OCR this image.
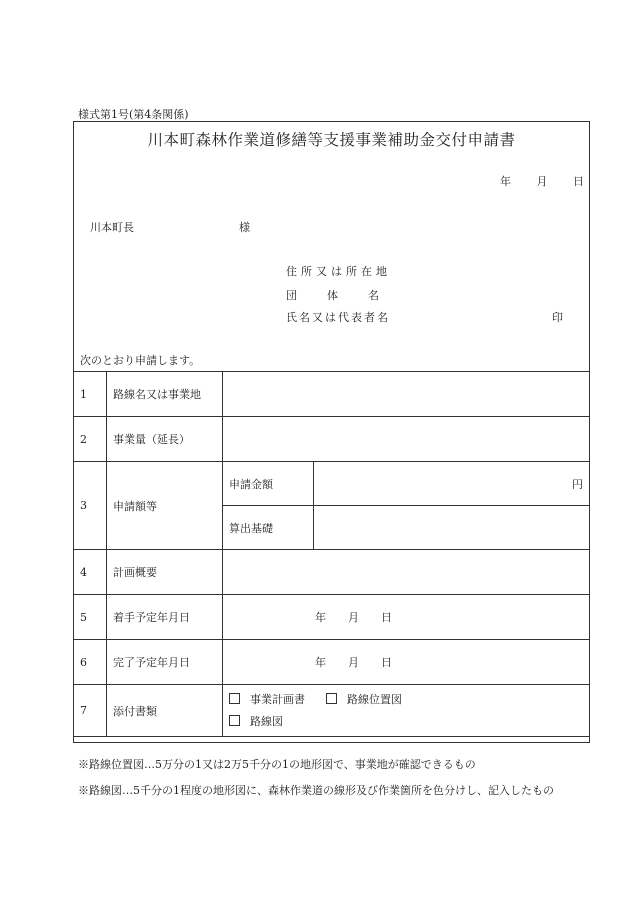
様式第1号(第4条関係)
川本町森林作業道修繕等支援事業補助金交付申請書
年 月 日
川本町長	様
住所又は所在地
団	体	名
氏名又は代表者名	印
次のとおり申請します。
1	路線名又は事業地		
2	事業量（延長）		
3	申請額等	申請金額	円
		算出基礎	
4	計画概要		
5	着手予定年月日	年 月 日	
6	完了予定年月日	年 月 日	
7	添付書類	事業計画書 路線位置図
路線図	
※路線位置図…5万分の1又は2万5千分の1の地形図で、事業地が確認できるもの
※路線図…5千分の1程度の地形図に、森林作業道の線形及び作業箇所を色分けし、記入したもの
